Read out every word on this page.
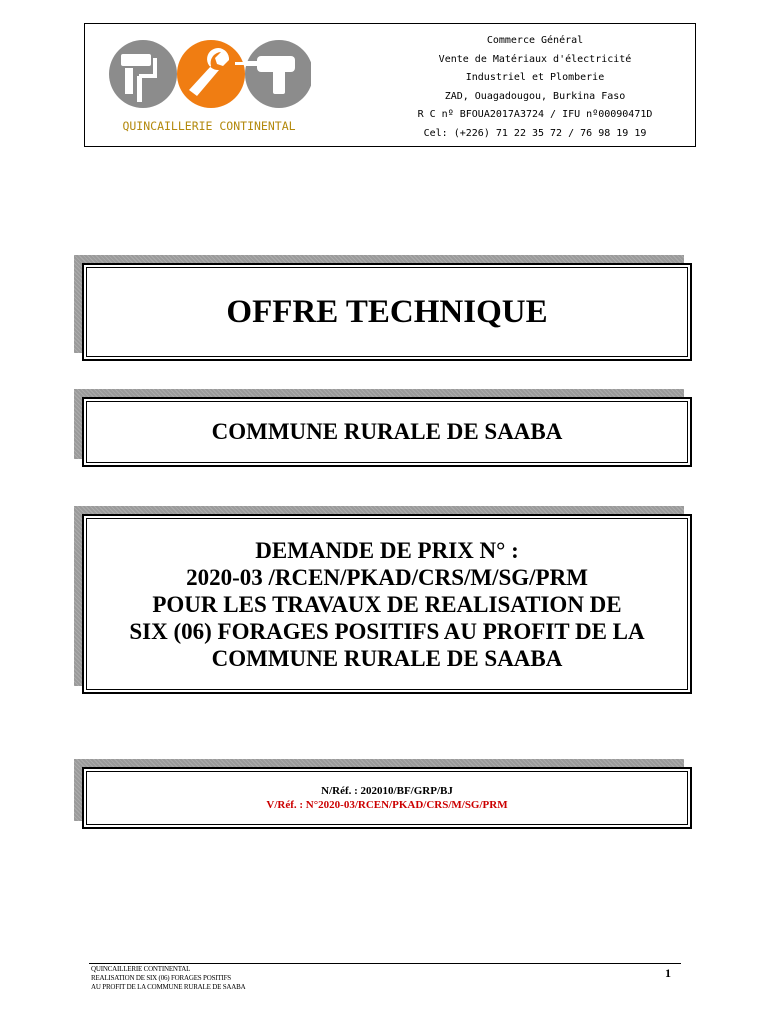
QUINCAILLERIE CONTINENTAL
Commerce Général
Vente de Matériaux d'électricité
Industriel et Plomberie
ZAD, Ouagadougou, Burkina Faso
R C nº BFOUA2017A3724 / IFU nº00090471D
Cel: (+226) 71 22 35 72 / 76 98 19 19
OFFRE TECHNIQUE
COMMUNE RURALE DE SAABA
DEMANDE DE PRIX N° :
2020-03 /RCEN/PKAD/CRS/M/SG/PRM
POUR LES TRAVAUX DE REALISATION DE
SIX (06) FORAGES POSITIFS AU PROFIT DE LA
COMMUNE RURALE DE SAABA
N/Réf. : 202010/BF/GRP/BJ
V/Réf. : N°2020-03/RCEN/PKAD/CRS/M/SG/PRM
QUINCAILLERIE CONTINENTAL
REALISATION DE SIX (06) FORAGES POSITIFS
AU PROFIT DE LA COMMUNE RURALE DE SAABA
1
